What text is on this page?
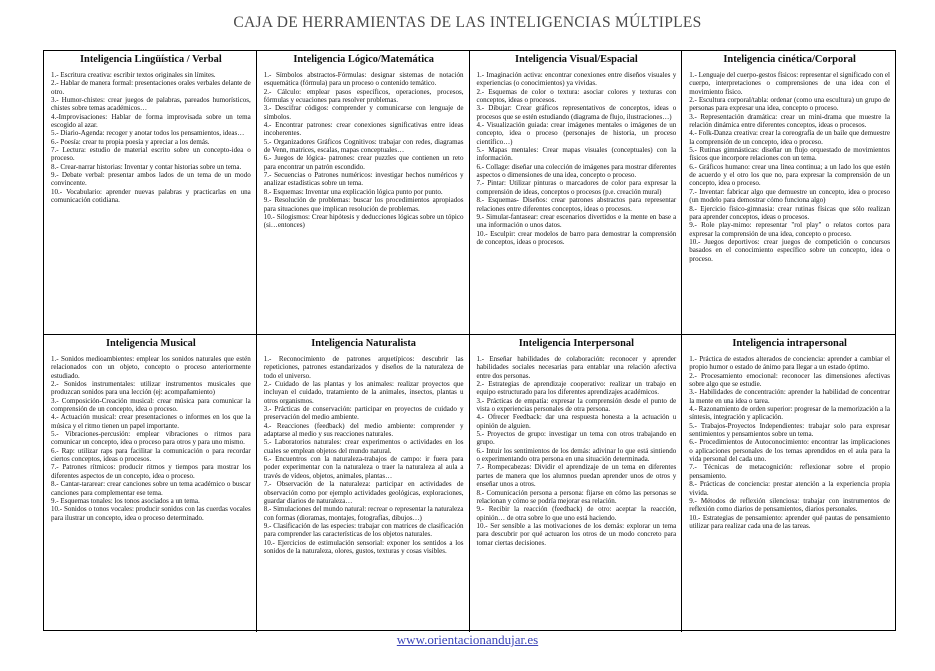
CAJA DE HERRAMIENTAS DE LAS INTELIGENCIAS MÚLTIPLES
Inteligencia Lingüística / Verbal

1.- Escritura creativa: escribir textos originales sin límites.

2.- Hablar de manera formal: presentaciones orales verbales delante de otro.

3.- Humor-chistes: crear juegos de palabras, pareados humorísticos, chistes sobre temas académicos…

4.-Improvisaciones: Hablar de forma improvisada sobre un tema escogido al azar.

5.- Diario-Agenda: recoger y anotar todos los pensamientos, ideas…

6.- Poesía: crear tu propia poesía y apreciar a los demás.

7.- Lectura: estudio de material escrito sobre un concepto-idea o proceso.

8.- Crear-narrar historias: Inventar y contar historias sobre un tema.

9.- Debate verbal: presentar ambos lados de un tema de un modo convincente.

10.- Vocabulario: aprender nuevas palabras y practicarlas en una comunicación cotidiana.

Inteligencia Lógico/Matemática

1.- Símbolos abstractos-Fórmulas: designar sistemas de notación esquemática (fórmula) para un proceso o contenido temático.

2.- Cálculo: emplear pasos específicos, operaciones, procesos, fórmulas y ecuaciones para resolver problemas.

3.- Descifrar códigos: comprender y comunicarse con lenguaje de símbolos.

4.- Encontrar patrones: crear conexiones significativas entre ideas incoherentes.

5.- Organizadores Gráficos Cognitivos: trabajar con redes, diagramas de Venn, matrices, escalas, mapas conceptuales…

6.- Juegos de lógica- patrones: crear puzzles que contienen un reto para encontrar un patrón escondido.

7.- Secuencias o Patrones numéricos: investigar hechos numéricos y analizar estadísticas sobre un tema.

8.- Esquemas: Inventar una explicación lógica punto por punto.

9.- Resolución de problemas: buscar los procedimientos apropiados para situaciones que implican resolución de problemas.

10.- Silogismos: Crear hipótesis y deducciones lógicas sobre un tópico (si…entonces)

Inteligencia Visual/Espacial

1.- Imaginación activa: encontrar conexiones entre diseños visuales y experiencias (o conocimientos) ya vividas.

2.- Esquemas de color o textura: asociar colores y texturas con conceptos, ideas o procesos.

3.- Dibujar: Crear gráficos representativos de conceptos, ideas o procesos que se estén estudiando (diagrama de flujo, ilustraciones…)

4.- Visualización guiada: crear imágenes mentales o imágenes de un concepto, idea o proceso (personajes de historia, un proceso científico…)

5.- Mapas mentales: Crear mapas visuales (conceptuales) con la información.

6.- Collage: diseñar una colección de imágenes para mostrar diferentes aspectos o dimensiones de una idea, concepto o proceso.

7.- Pintar: Utilizar pinturas o marcadores de color para expresar la comprensión de ideas, conceptos o procesos (p.e. creación mural)

8.- Esquemas- Diseños: crear patrones abstractos para representar relaciones entre diferentes conceptos, ideas o procesos.

9.- Simular-fantasear: crear escenarios divertidos e la mente en base a una información o unos datos.

10.- Esculpir: crear modelos de barro para demostrar la comprensión de conceptos, ideas o procesos.

Inteligencia cinética/Corporal

1.- Lenguaje del cuerpo-gestos físicos: representar el significado con el cuerpo, interpretaciones o comprensiones de una idea con el movimiento físico.

2.- Escultura corporal/tabla: ordenar (como una escultura) un grupo de personas para expresar una idea, concepto o proceso.

3.- Representación dramática: crear un mini-drama que muestre la relación dinámica entre diferentes conceptos, ideas o procesos.

4.- Folk-Danza creativa: crear la coreografía de un baile que demuestre la comprensión de un concepto, idea o proceso.

5.- Rutinas gimnásticas: diseñar un flujo orquestado de movimientos físicos que incorpore relaciones con un tema.

6.- Gráficos humano: crear una línea continua; a un lado los que estén de acuerdo y el otro los que no, para expresar la comprensión de un concepto, idea o proceso.

7.- Inventar: fabricar algo que demuestre un concepto, idea o proceso (un modelo para demostrar cómo funciona algo)

8.- Ejercicio físico-gimnasia: crear rutinas físicas que sólo realizan para aprender conceptos, ideas o procesos.

9.- Role play-mimo: representar "rol play" o relatos cortos para expresar la comprensión de una idea, concepto o proceso.

10.- Juegos deportivos: crear juegos de competición o concursos basados en el conocimiento específico sobre un concepto, idea o proceso.

Inteligencia Musical

1.- Sonidos medioambientes: emplear los sonidos naturales que estén relacionados con un objeto, concepto o proceso anteriormente estudiado.

2.- Sonidos instrumentales: utilizar instrumentos musicales que produzcan sonidos para una lección (ej: acompañamiento)

3.- Composición-Creación musical: crear música para comunicar la comprensión de un concepto, idea o proceso.

4.- Actuación musical: crear presentaciones o informes en los que la música y el ritmo tienen un papel importante.

5.- Vibraciones-percusión: emplear vibraciones o ritmos para comunicar un concepto, idea o proceso para otros y para uno mismo.

6.- Rap: utilizar raps para facilitar la comunicación o para recordar ciertos conceptos, ideas o procesos.

7.- Patrones rítmicos: producir ritmos y tiempos para mostrar los diferentes aspectos de un concepto, idea o proceso.

8.- Cantar-tararear: crear canciones sobre un tema académico o buscar canciones para complementar ese tema.

9.- Esquemas tonales: los tonos asociados a un tema.

10.- Sonidos o tonos vocales: producir sonidos con las cuerdas vocales para ilustrar un concepto, idea o proceso determinado.

Inteligencia Naturalista

1.- Reconocimiento de patrones arquetípicos: descubrir las repeticiones, patrones estandarizados y diseños de la naturaleza de todo el universo.

2.- Cuidado de las plantas y los animales: realizar proyectos que incluyan el cuidado, tratamiento de la animales, insectos, plantas u otros organismos.

3.- Prácticas de conservación: participar en proyectos de cuidado y preservación del medio ambiente.

4.- Reacciones (feedback) del medio ambiente: comprender y adaptarse al medio y sus reacciones naturales.

5.- Laboratorios naturales: crear experimentos o actividades en los cuales se emplean objetos del mundo natural.

6.- Encuentros con la naturaleza-trabajos de campo: ir fuera para poder experimentar con la naturaleza o traer la naturaleza al aula a través de vídeos, objetos, animales, plantas…

7.- Observación de la naturaleza: participar en actividades de observación como por ejemplo actividades geológicas, exploraciones, guardar diarios de naturaleza…

8.- Simulaciones del mundo natural: recrear o representar la naturaleza con formas (dioramas, montajes, fotografías, dibujos…)

9.- Clasificación de las especies: trabajar con matrices de clasificación para comprender las características de los objetos naturales.

10.- Ejercicios de estimulación sensorial: exponer los sentidos a los sonidos de la naturaleza, olores, gustos, texturas y cosas visibles.

Inteligencia Interpersonal

1.- Enseñar habilidades de colaboración: reconocer y aprender habilidades sociales necesarias para entablar una relación afectiva entre dos personas.

2.- Estrategias de aprendizaje cooperativo: realizar un trabajo en equipo estructurado para los diferentes aprendizajes académicos.

3.- Prácticas de empatía: expresar la comprensión desde el punto de vista o experiencias personales de otra persona.

4.- Ofrecer Feedback: dar una respuesta honesta a la actuación u opinión de alguien.

5.- Proyectos de grupo: investigar un tema con otros trabajando en grupo.

6.- Intuir los sentimientos de los demás: adivinar lo que está sintiendo o experimentando otra persona en una situación determinada.

7.- Rompecabezas: Dividir el aprendizaje de un tema en diferentes partes de manera que los alumnos puedan aprender unos de otros y enseñar unos a otros.

8.- Comunicación persona a persona: fijarse en cómo las personas se relacionan y cómo se podría mejorar esa relación.

9.- Recibir la reacción (feedback) de otro: aceptar la reacción, opinión… de otra sobre lo que uno está haciendo.

10.- Ser sensible a las motivaciones de los demás: explorar un tema para descubrir por qué actuaron los otros de un modo concreto para tomar ciertas decisiones.

Inteligencia intrapersonal

1.- Práctica de estados alterados de conciencia: aprender a cambiar el propio humor o estado de ánimo para llegar a un estado óptimo.

2.- Procesamiento emocional: reconocer las dimensiones afectivas sobre algo que se estudie.

3.- Habilidades de concentración: aprender la habilidad de concentrar la mente en una idea o tarea.

4.- Razonamiento de orden superior: progresar de la memorización a la síntesis, integración y aplicación.

5.- Trabajos-Proyectos Independientes: trabajar solo para expresar sentimientos y pensamientos sobre un tema.

6.- Procedimientos de Autoconocimiento: encontrar las implicaciones o aplicaciones personales de los temas aprendidos en el aula para la vida personal del cada uno.

7.- Técnicas de metacognición: reflexionar sobre el propio pensamiento.

8.- Prácticas de conciencia: prestar atención a la experiencia propia vivida.

9.- Métodos de reflexión silenciosa: trabajar con instrumentos de reflexión como diarios de pensamientos, diarios personales.

10.- Estrategias de pensamiento: aprender qué pautas de pensamiento utilizar para realizar cada una de las tareas.

www.orientacionandujar.es
